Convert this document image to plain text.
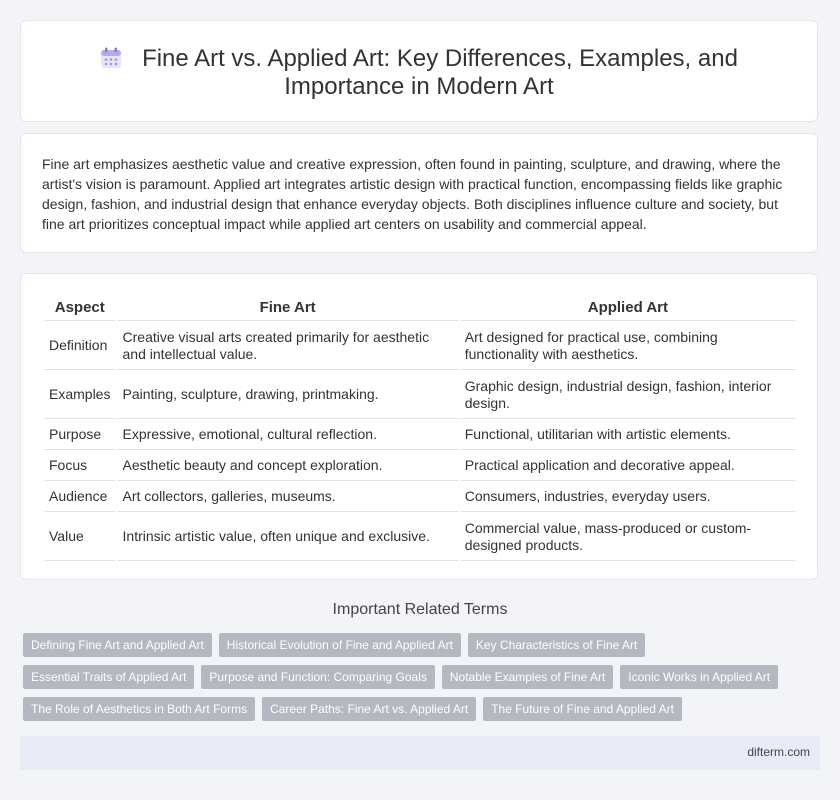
Fine Art vs. Applied Art: Key Differences, Examples, and
Importance in Modern Art
Fine art emphasizes aesthetic value and creative expression, often found in painting, sculpture, and drawing, where the artist's vision is paramount. Applied art integrates artistic design with practical function, encompassing fields like graphic design, fashion, and industrial design that enhance everyday objects. Both disciplines influence culture and society, but fine art prioritizes conceptual impact while applied art centers on usability and commercial appeal.
Aspect	Fine Art	Applied Art
Definition	Creative visual arts created primarily for aesthetic and intellectual value.	Art designed for practical use, combining functionality with aesthetics.
Examples	Painting, sculpture, drawing, printmaking.	Graphic design, industrial design, fashion, interior design.
Purpose	Expressive, emotional, cultural reflection.	Functional, utilitarian with artistic elements.
Focus	Aesthetic beauty and concept exploration.	Practical application and decorative appeal.
Audience	Art collectors, galleries, museums.	Consumers, industries, everyday users.
Value	Intrinsic artistic value, often unique and exclusive.	Commercial value, mass-produced or custom-designed products.
Important Related Terms
Defining Fine Art and Applied Art	Historical Evolution of Fine and Applied Art	Key Characteristics of Fine Art
Essential Traits of Applied Art	Purpose and Function: Comparing Goals	Notable Examples of Fine Art	Iconic Works in Applied Art
The Role of Aesthetics in Both Art Forms	Career Paths: Fine Art vs. Applied Art	The Future of Fine and Applied Art
difterm.com
